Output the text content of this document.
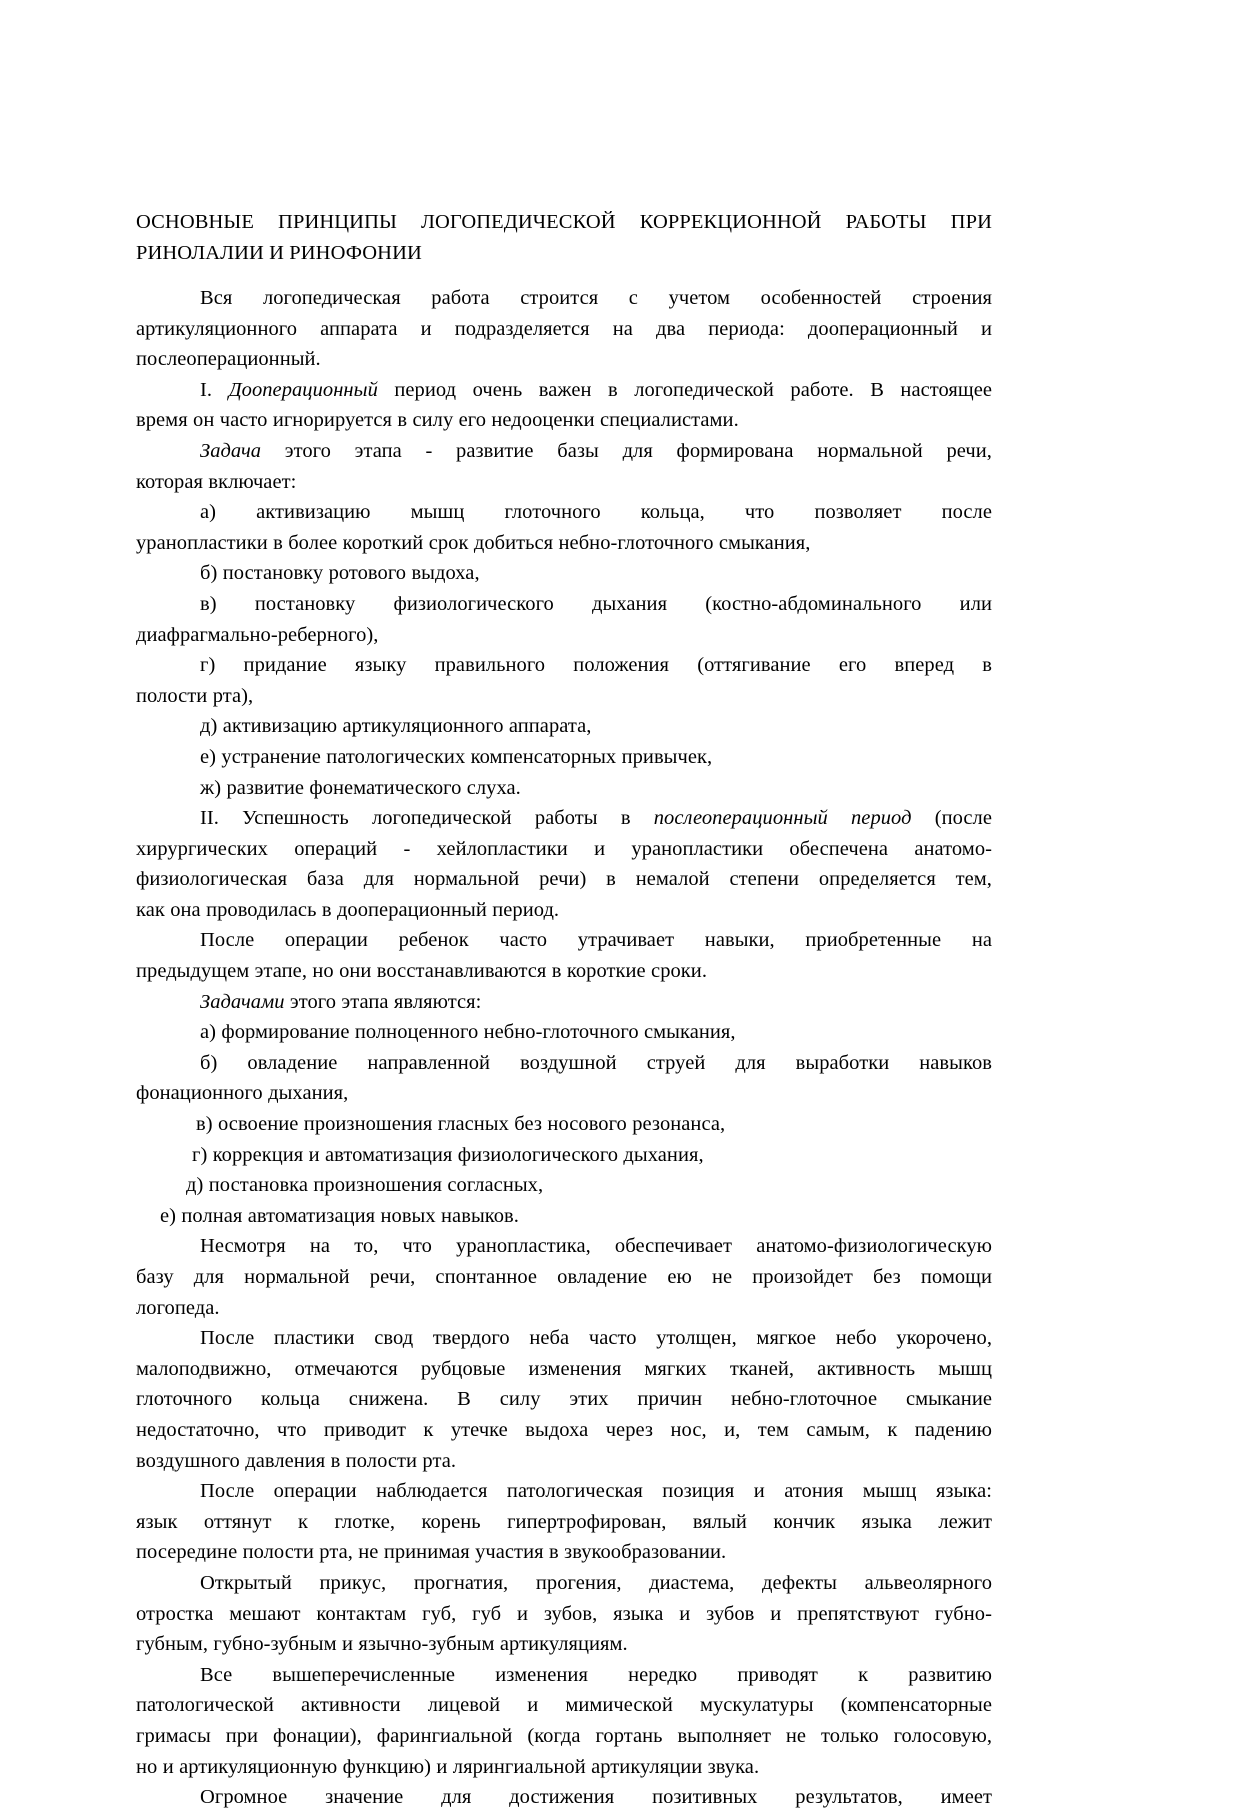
ОСНОВНЫЕ ПРИНЦИПЫ ЛОГОПЕДИЧЕСКОЙ КОРРЕКЦИОННОЙ РАБОТЫ ПРИ
РИНОЛАЛИИ И РИНОФОНИИ

Вся логопедическая работа строится с учетом особенностей строения
артикуляционного аппарата и подразделяется на два периода: дооперационный и
послеоперационный.

I. Дооперационный период очень важен в логопедической работе. В настоящее
время он часто игнорируется в силу его недооценки специалистами.

Задача этого этапа - развитие базы для формирована нормальной речи,
которая включает:

а) активизацию мышц глоточного кольца, что позволяет после
уранопластики в более короткий срок добиться небно-глоточного смыкания,

б) постановку ротового выдоха,

в) постановку физиологического дыхания (костно-абдоминального или
диафрагмально-реберного),

г) придание языку правильного положения (оттягивание его вперед в
полости рта),

д) активизацию артикуляционного аппарата,

е) устранение патологических компенсаторных привычек,

ж) развитие фонематического слуха.

II. Успешность логопедической работы в послеоперационный период (после
хирургических операций - хейлопластики и уранопластики обеспечена анатомо-
физиологическая база для нормальной речи) в немалой степени определяется тем,
как она проводилась в дооперационный период.

После операции ребенок часто утрачивает навыки, приобретенные на
предыдущем этапе, но они восстанавливаются в короткие сроки.

Задачами этого этапа являются:

а) формирование полноценного небно-глоточного смыкания,

б) овладение направленной воздушной струей для выработки навыков
фонационного дыхания,

в) освоение произношения гласных без носового резонанса,

г) коррекция и автоматизация физиологического дыхания,

д) постановка произношения согласных,

е) полная автоматизация новых навыков.

Несмотря на то, что уранопластика, обеспечивает анатомо-физиологическую
базу для нормальной речи, спонтанное овладение ею не произойдет без помощи
логопеда.

После пластики свод твердого неба часто утолщен, мягкое небо укорочено,
малоподвижно, отмечаются рубцовые изменения мягких тканей, активность мышц
глоточного кольца снижена. В силу этих причин небно-глоточное смыкание
недостаточно, что приводит к утечке выдоха через нос, и, тем самым, к падению
воздушного давления в полости рта.

После операции наблюдается патологическая позиция и атония мышц языка:
язык оттянут к глотке, корень гипертрофирован, вялый кончик языка лежит
посередине полости рта, не принимая участия в звукообразовании.

Открытый прикус, прогнатия, прогения, диастема, дефекты альвеолярного
отростка мешают контактам губ, губ и зубов, языка и зубов и препятствуют губно-
губным, губно-зубным и язычно-зубным артикуляциям.

Все вышеперечисленные изменения нередко приводят к развитию
патологической активности лицевой и мимической мускулатуры (компенсаторные
гримасы при фонации), фарингиальной (когда гортань выполняет не только голосовую,
но и артикуляционную функцию) и лярингиальной артикуляции звука.

Огромное значение для достижения позитивных результатов, имеет
